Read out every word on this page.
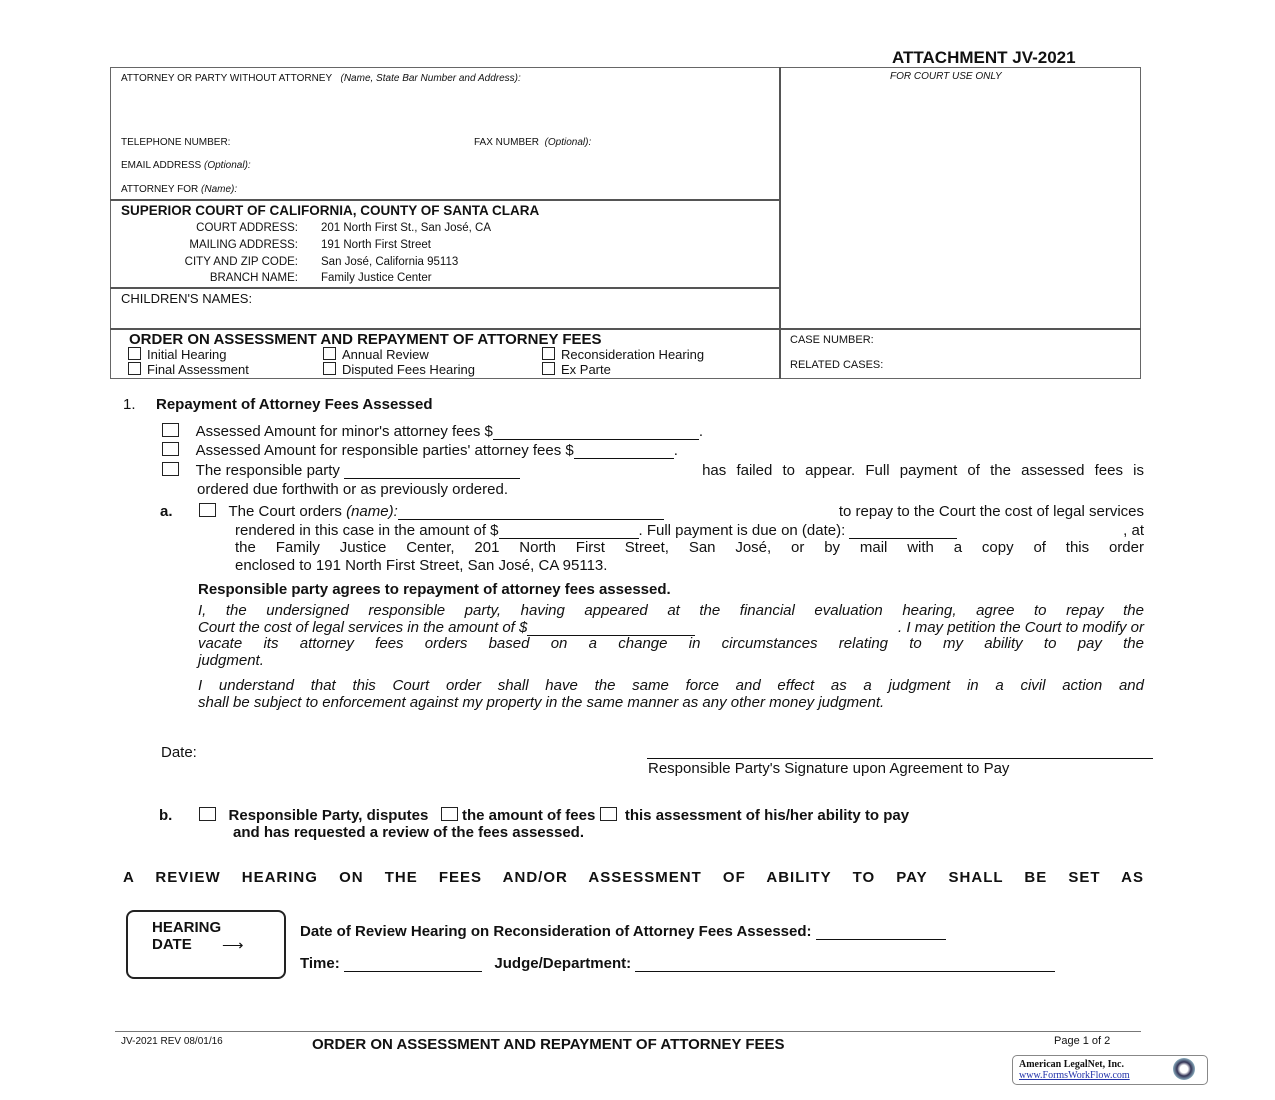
ATTACHMENT JV-2021
ATTORNEY OR PARTY WITHOUT ATTORNEY (Name, State Bar Number and Address):	FOR COURT USE ONLY
TELEPHONE NUMBER:	FAX NUMBER (Optional):
EMAIL ADDRESS (Optional):
ATTORNEY FOR (Name):
SUPERIOR COURT OF CALIFORNIA, COUNTY OF SANTA CLARA
COURT ADDRESS: 201 North First St., San José, CA
MAILING ADDRESS: 191 North First Street
CITY AND ZIP CODE: San José, California 95113
BRANCH NAME: Family Justice Center
CHILDREN'S NAMES:
ORDER ON ASSESSMENT AND REPAYMENT OF ATTORNEY FEES
Initial Hearing	Annual Review	Reconsideration Hearing
Final Assessment	Disputed Fees Hearing	Ex Parte
CASE NUMBER:
RELATED CASES:
1. Repayment of Attorney Fees Assessed
Assessed Amount for minor's attorney fees $	.
Assessed Amount for responsible parties' attorney fees $	.
The responsible party	has failed to appear. Full payment of the assessed fees is
ordered due forthwith or as previously ordered.
a.	The Court orders (name):	to repay to the Court the cost of legal services
rendered in this case in the amount of $	. Full payment is due on (date):	, at
the Family Justice Center, 201 North First Street, San José, or by mail with a copy of this order
enclosed to 191 North First Street, San José, CA 95113.
Responsible party agrees to repayment of attorney fees assessed.
I, the undersigned responsible party, having appeared at the financial evaluation hearing, agree to repay the
Court the cost of legal services in the amount of $	. I may petition the Court to modify or
vacate its attorney fees orders based on a change in circumstances relating to my ability to pay the
judgment.
I understand that this Court order shall have the same force and effect as a judgment in a civil action and
shall be subject to enforcement against my property in the same manner as any other money judgment.
Date:
Responsible Party's Signature upon Agreement to Pay
b.	Responsible Party, disputes the amount of fees this assessment of his/her ability to pay
and has requested a review of the fees assessed.
A REVIEW HEARING ON THE FEES AND/OR ASSESSMENT OF ABILITY TO PAY SHALL BE SET AS
HEARING
DATE ⟶
Date of Review Hearing on Reconsideration of Attorney Fees Assessed:
Time:	Judge/Department:
JV-2021 REV 08/01/16	ORDER ON ASSESSMENT AND REPAYMENT OF ATTORNEY FEES	Page 1 of 2
American LegalNet, Inc.
www.FormsWorkFlow.com
